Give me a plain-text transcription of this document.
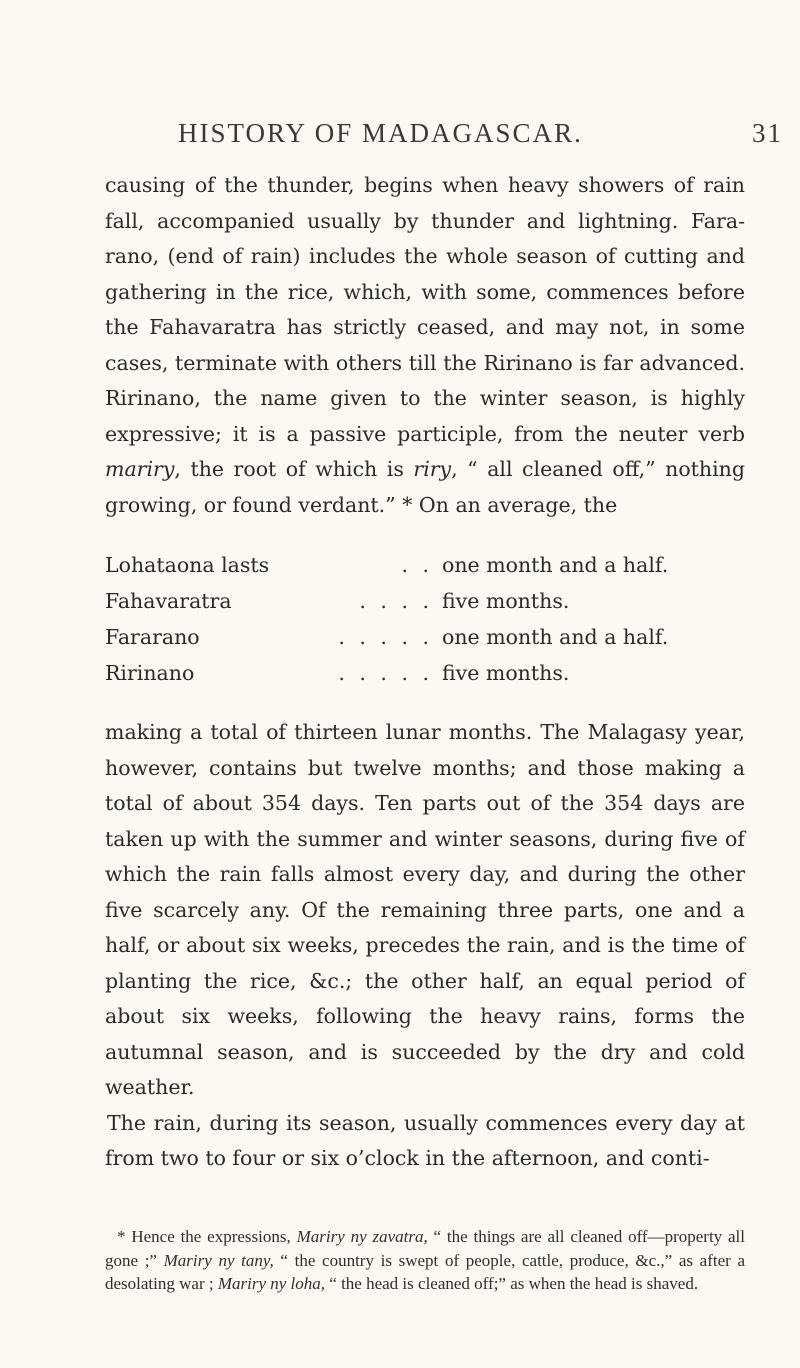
HISTORY OF MADAGASCAR.	31

causing of the thunder, begins when heavy showers of rain fall, accompanied usually by thunder and lightning. Fararano, (end of rain) includes the whole season of cutting and gathering in the rice, which, with some, commences before the Fahavaratra has strictly ceased, and may not, in some cases, terminate with others till the Ririnano is far advanced. Ririnano, the name given to the winter season, is highly expressive; it is a passive participle, from the neuter verb mariry, the root of which is riry, “ all cleaned off,” nothing growing, or found verdant.” * On an average, the

Lohataona lasts	. . one month and a half.
Fahavaratra	. . . . five months.
Fararano	. . . . . one month and a half.
Ririnano	. . . . . five months.

making a total of thirteen lunar months. The Malagasy year, however, contains but twelve months; and those making a total of about 354 days. Ten parts out of the 354 days are taken up with the summer and winter seasons, during five of which the rain falls almost every day, and during the other five scarcely any. Of the remaining three parts, one and a half, or about six weeks, precedes the rain, and is the time of planting the rice, &c.; the other half, an equal period of about six weeks, following the heavy rains, forms the autumnal season, and is succeeded by the dry and cold weather.

The rain, during its season, usually commences every day at from two to four or six o’clock in the afternoon, and conti-

* Hence the expressions, Mariry ny zavatra, “ the things are all cleaned off—property all gone ;” Mariry ny tany, “ the country is swept of people, cattle, produce, &c.,” as after a desolating war ; Mariry ny loha, “ the head is cleaned off;” as when the head is shaved.
